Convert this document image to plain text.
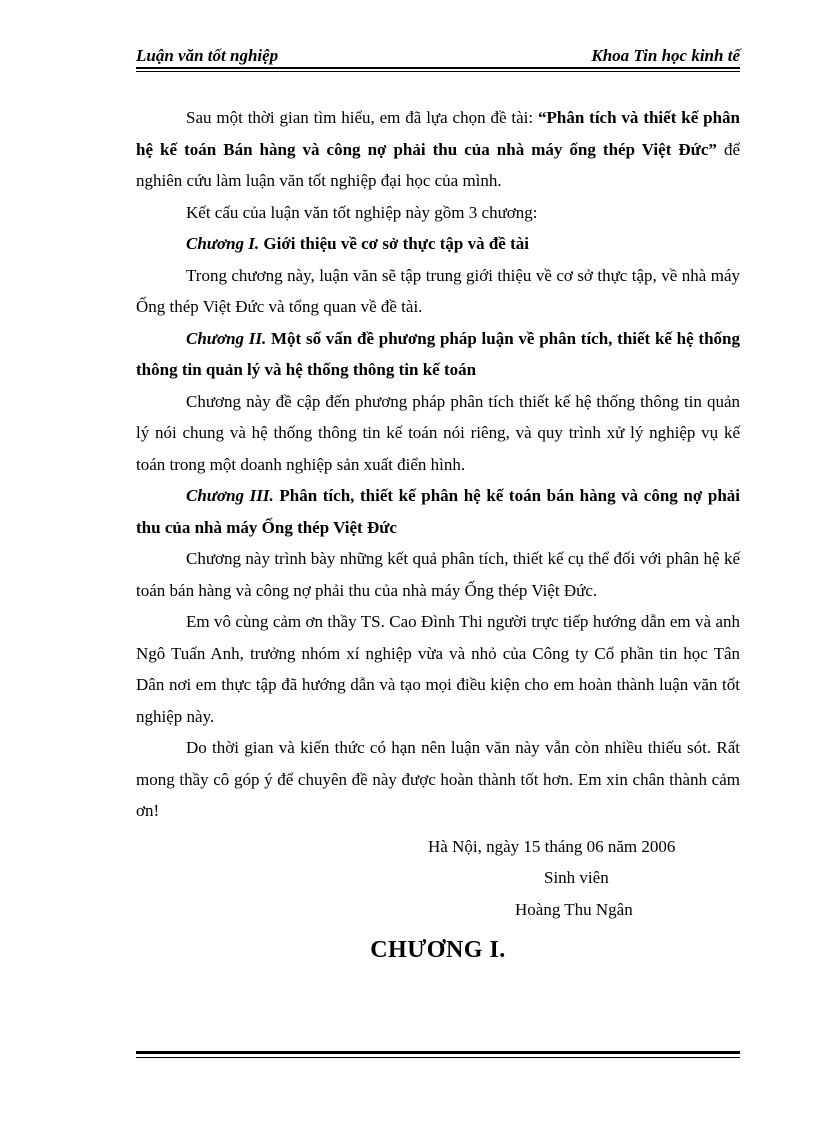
Luận văn tốt nghiệp	Khoa Tin học kinh tế

Sau một thời gian tìm hiểu, em đã lựa chọn đề tài: “Phân tích và thiết kế phân hệ kế toán Bán hàng và công nợ phải thu của nhà máy ống thép Việt Đức” để nghiên cứu làm luận văn tốt nghiệp đại học của mình.

Kết cấu của luận văn tốt nghiệp này gồm 3 chương:

Chương I. Giới thiệu về cơ sở thực tập và đề tài

Trong chương này, luận văn sẽ tập trung giới thiệu về cơ sở thực tập, về nhà máy Ống thép Việt Đức và tổng quan về đề tài.

Chương II. Một số vấn đề phương pháp luận về phân tích, thiết kế hệ thống thông tin quản lý và hệ thống thông tin kế toán

Chương này đề cập đến phương pháp phân tích thiết kế hệ thống thông tin quản lý nói chung và hệ thống thông tin kế toán nói riêng, và quy trình xử lý nghiệp vụ kế toán trong một doanh nghiệp sản xuất điển hình.

Chương III. Phân tích, thiết kế phân hệ kế toán bán hàng và công nợ phải thu của nhà máy Ống thép Việt Đức

Chương này trình bày những kết quả phân tích, thiết kế cụ thể đối với phân hệ kế toán bán hàng và công nợ phải thu của nhà máy Ống thép Việt Đức.

Em vô cùng cảm ơn thầy TS. Cao Đình Thi người trực tiếp hướng dẫn em và anh Ngô Tuấn Anh, trưởng nhóm xí nghiệp vừa và nhỏ của Công ty Cổ phần tin học Tân Dân nơi em thực tập đã hướng dẫn và tạo mọi điều kiện cho em hoàn thành luận văn tốt nghiệp này.

Do thời gian và kiến thức có hạn nên luận văn này vẫn còn nhiều thiếu sót. Rất mong thầy cô góp ý để chuyên đề này được hoàn thành tốt hơn. Em xin chân thành cảm ơn!

Hà Nội, ngày 15 tháng 06 năm 2006
Sinh viên
Hoàng Thu Ngân
CHƯƠNG I.
